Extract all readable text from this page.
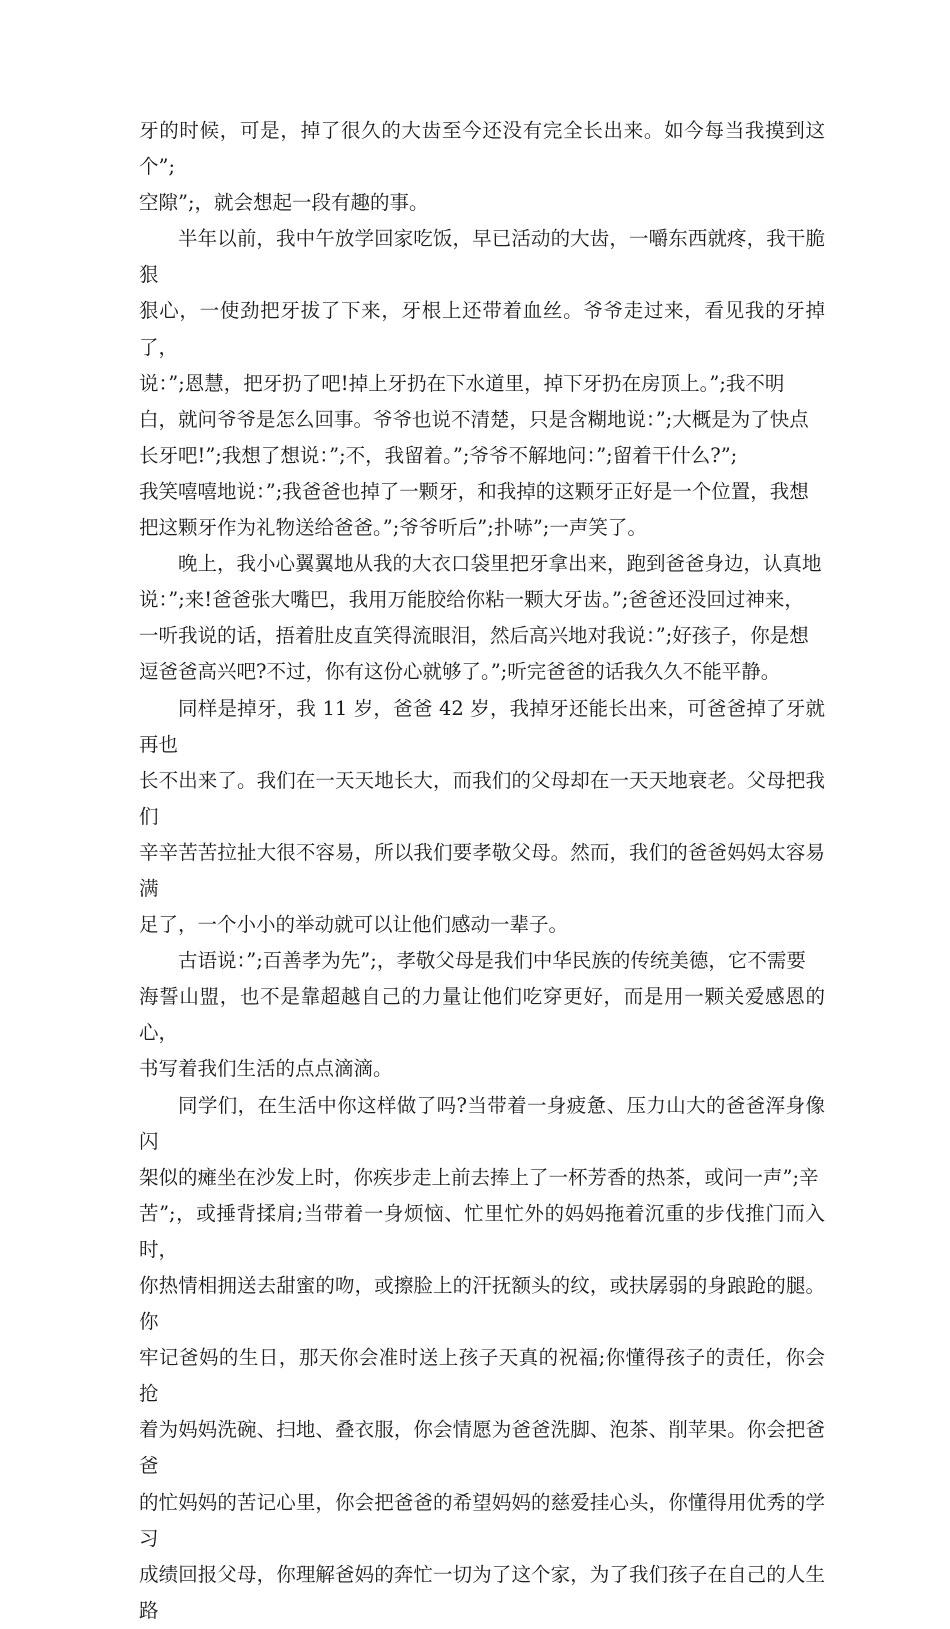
牙的时候，可是，掉了很久的大齿至今还没有完全长出来。如今每当我摸到这个”;
空隙”;，就会想起一段有趣的事。

半年以前，我中午放学回家吃饭，早已活动的大齿，一嚼东西就疼，我干脆狠
狠心，一使劲把牙拔了下来，牙根上还带着血丝。爷爷走过来，看见我的牙掉了，
说：”;恩慧，把牙扔了吧!掉上牙扔在下水道里，掉下牙扔在房顶上。”;我不明
白，就问爷爷是怎么回事。爷爷也说不清楚，只是含糊地说：”;大概是为了快点
长牙吧!”;我想了想说：”;不，我留着。”;爷爷不解地问：”;留着干什么?”;
我笑嘻嘻地说：”;我爸爸也掉了一颗牙，和我掉的这颗牙正好是一个位置，我想
把这颗牙作为礼物送给爸爸。”;爷爷听后”;扑哧”;一声笑了。

晚上，我小心翼翼地从我的大衣口袋里把牙拿出来，跑到爸爸身边，认真地
说：”;来!爸爸张大嘴巴，我用万能胶给你粘一颗大牙齿。”;爸爸还没回过神来，
一听我说的话，捂着肚皮直笑得流眼泪，然后高兴地对我说：”;好孩子，你是想
逗爸爸高兴吧?不过，你有这份心就够了。”;听完爸爸的话我久久不能平静。

同样是掉牙，我 11 岁，爸爸 42 岁，我掉牙还能长出来，可爸爸掉了牙就再也
长不出来了。我们在一天天地长大，而我们的父母却在一天天地衰老。父母把我们
辛辛苦苦拉扯大很不容易，所以我们要孝敬父母。然而，我们的爸爸妈妈太容易满
足了，一个小小的举动就可以让他们感动一辈子。

古语说：”;百善孝为先”;，孝敬父母是我们中华民族的传统美德，它不需要
海誓山盟，也不是靠超越自己的力量让他们吃穿更好，而是用一颗关爱感恩的心，
书写着我们生活的点点滴滴。

同学们，在生活中你这样做了吗?当带着一身疲惫、压力山大的爸爸浑身像闪
架似的瘫坐在沙发上时，你疾步走上前去捧上了一杯芳香的热茶，或问一声”;辛
苦”;，或捶背揉肩;当带着一身烦恼、忙里忙外的妈妈拖着沉重的步伐推门而入时，
你热情相拥送去甜蜜的吻，或擦脸上的汗抚额头的纹，或扶孱弱的身踉跄的腿。你
牢记爸妈的生日，那天你会准时送上孩子天真的祝福;你懂得孩子的责任，你会抢
着为妈妈洗碗、扫地、叠衣服，你会情愿为爸爸洗脚、泡茶、削苹果。你会把爸爸
的忙妈妈的苦记心里，你会把爸爸的希望妈妈的慈爱挂心头，你懂得用优秀的学习
成绩回报父母，你理解爸妈的奔忙一切为了这个家，为了我们孩子在自己的人生路
